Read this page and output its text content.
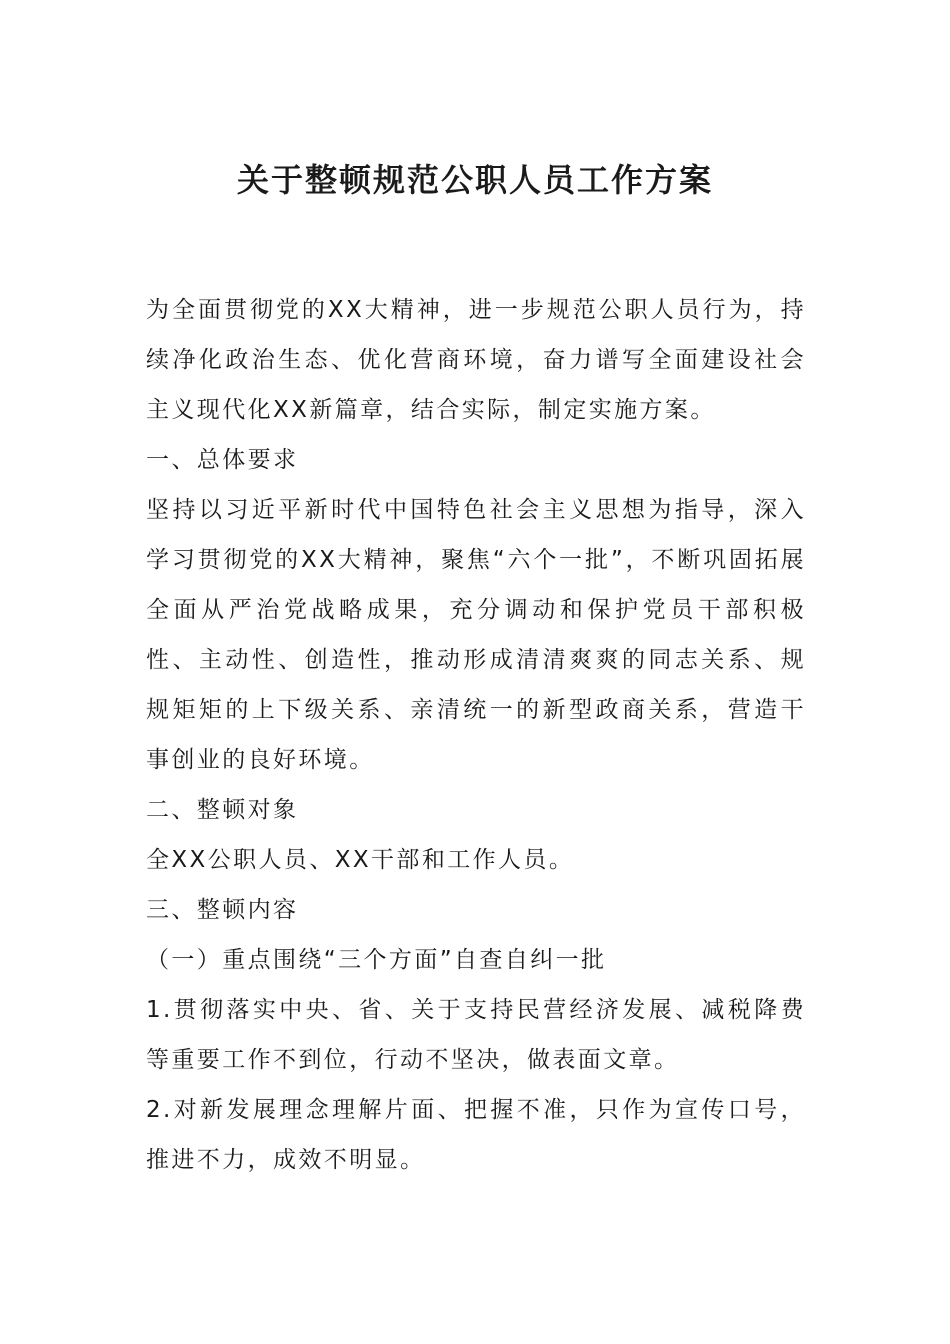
关于整顿规范公职人员工作方案

为全面贯彻党的XX大精神，进一步规范公职人员行为，持续净化政治生态、优化营商环境，奋力谱写全面建设社会主义现代化XX新篇章，结合实际，制定实施方案。

一、总体要求

坚持以习近平新时代中国特色社会主义思想为指导，深入学习贯彻党的XX大精神，聚焦“六个一批”，不断巩固拓展全面从严治党战略成果，充分调动和保护党员干部积极性、主动性、创造性，推动形成清清爽爽的同志关系、规规矩矩的上下级关系、亲清统一的新型政商关系，营造干事创业的良好环境。

二、整顿对象

全XX公职人员、XX干部和工作人员。

三、整顿内容

（一）重点围绕“三个方面”自查自纠一批

1.贯彻落实中央、省、关于支持民营经济发展、减税降费等重要工作不到位，行动不坚决，做表面文章。

2.对新发展理念理解片面、把握不准，只作为宣传口号，推进不力，成效不明显。
